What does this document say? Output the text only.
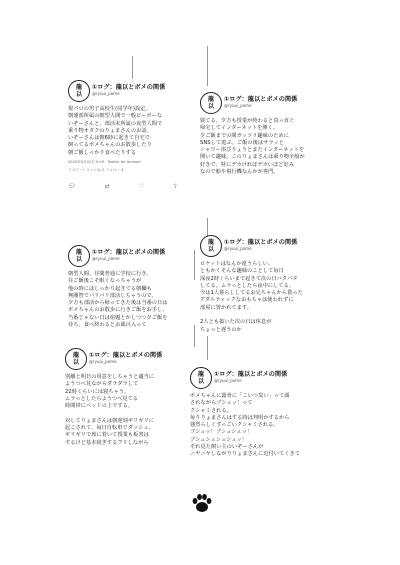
龍
以
①ログ：龍以とボメの関係
@ryuui_pome

現パロの男子高校生(同学年)設定。
朝運部所属の朝型人間で一般ピーポーな
いぞーさんと、部活未所属の夜型人間で
乗り物オタクのりょまさんのお話。
いぞーさんは朝6時に起きて自宅で
飼ってるポメちゃんのお散歩したり
朝ご飯しっかり食べたりする

2020年0月02日 0:59 · Twitter for Android
リツイート 1 いいね 2 フォロー 3
💬︎	⇄	♡	⇪
龍
以
①ログ：龍以とボメの関係
@ryuui_pome

寝てる。夕方も授業が終わると真っ直ぐ
帰宅してインターネットを開く。
夕ご飯までの間ガッツリ趣味のために
SNSして遊ぶ。ご飯の後はサラッと
シャワー浴びりょうとまたインターネットを
開いて趣味。このりょまさんは乗り物全般が
好きで、特にデカければデカいほど好み
なので船や飛行機なんかが専門。

龍
以
①ログ：龍以とボメの関係
@ryuui_pome

朝型人間、昼間普通に学校に行き、
昼ご飯後こそ眠くなっちゃうが
他の時にはしっかり起きてる朝欄も
無闇智でバリバリ部活しちゃうので、
夕方も部活から帰ってきた後は当番の日は
ポメちゃんのお散歩に行きご飯をお手し、
当番じゃない日は宿題とかしつつ夕ご飯を
待ち、食べ終わるとお風呂入って

龍
以
①ログ：龍以とボメの関係
@ryuui_pome

ロケットはなんか違うらしい。
ともかくそんな趣味のことして毎日
深夜2時くらいまで起きて次の日バタバタ
してる。ムラっとしたら夜中にしてる。
今は1人暮らししてるお兄ちゃんから貰った
アダルティックなおもちゃは使われずに
部屋に置かれてます。

2人とも抜いた次の日は休息が
ちょっと遅うのか

龍
以
①ログ：龍以とボメの関係
@ryuui_pome

別離と明日の用意をしちゃうと適当に
ようつべ見ながらダラダラして
22時くらいには寝ちゃう。
ムラっとしたらようつべ見てる
時間帯にベッドの上でする。

対してりょまさんは朝遅刻ギリギリに
起こされて、毎日自転車でダッシュ。
ギリギリで席に着いて授業も板書は
するけど基本寝ぎするフリしながら

龍
以
①ログ：龍以とボメの関係
@ryuui_pome

ポメちゃんに露骨に「こいつ臭い」って顔
されながらブシュッ！って
クシャミされる。
毎りりょまさんはする時は判明かするから
強烈らしくすっごいクシャミされる。
ブシュッ！ブシュシュッ！
ブシュシュシュシュッ！
それ見た飼い主のいぞーさんが
ニヤニヤしながりりょまさんに近付いてくきて
